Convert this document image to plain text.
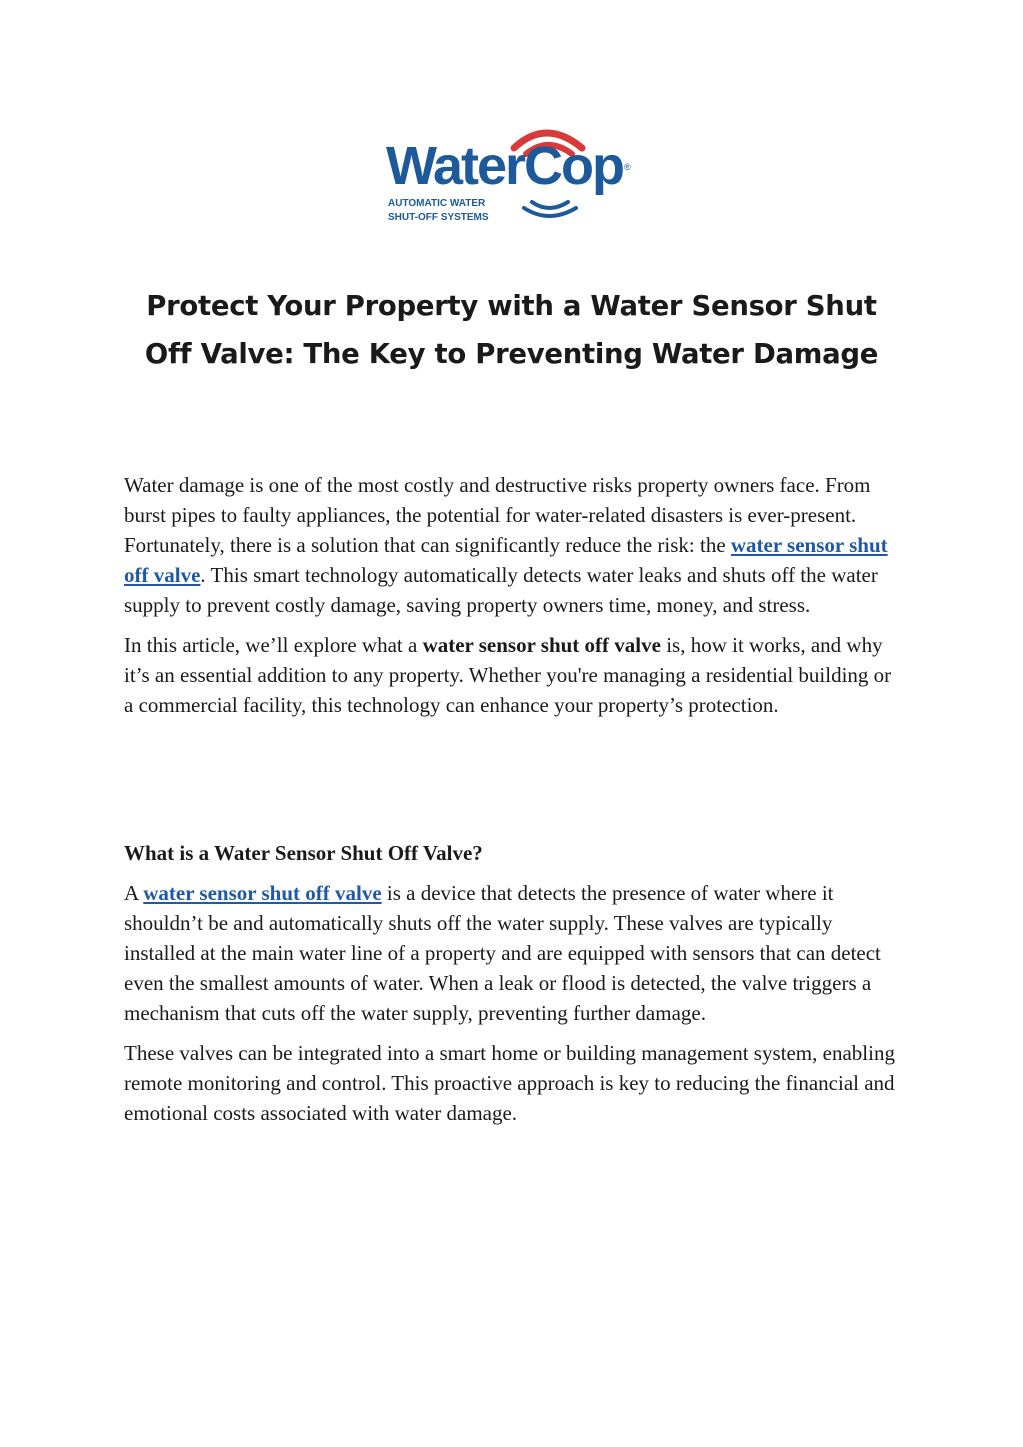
WaterCop ®
AUTOMATIC WATER
SHUT-OFF SYSTEMS
Protect Your Property with a Water Sensor Shut
Off Valve: The Key to Preventing Water Damage

Water damage is one of the most costly and destructive risks property owners face. From burst pipes to faulty appliances, the potential for water-related disasters is ever-present. Fortunately, there is a solution that can significantly reduce the risk: the water sensor shut off valve. This smart technology automatically detects water leaks and shuts off the water supply to prevent costly damage, saving property owners time, money, and stress.

In this article, we’ll explore what a water sensor shut off valve is, how it works, and why it’s an essential addition to any property. Whether you're managing a residential building or a commercial facility, this technology can enhance your property’s protection.

What is a Water Sensor Shut Off Valve?

A water sensor shut off valve is a device that detects the presence of water where it shouldn’t be and automatically shuts off the water supply. These valves are typically installed at the main water line of a property and are equipped with sensors that can detect even the smallest amounts of water. When a leak or flood is detected, the valve triggers a mechanism that cuts off the water supply, preventing further damage.

These valves can be integrated into a smart home or building management system, enabling remote monitoring and control. This proactive approach is key to reducing the financial and emotional costs associated with water damage.
